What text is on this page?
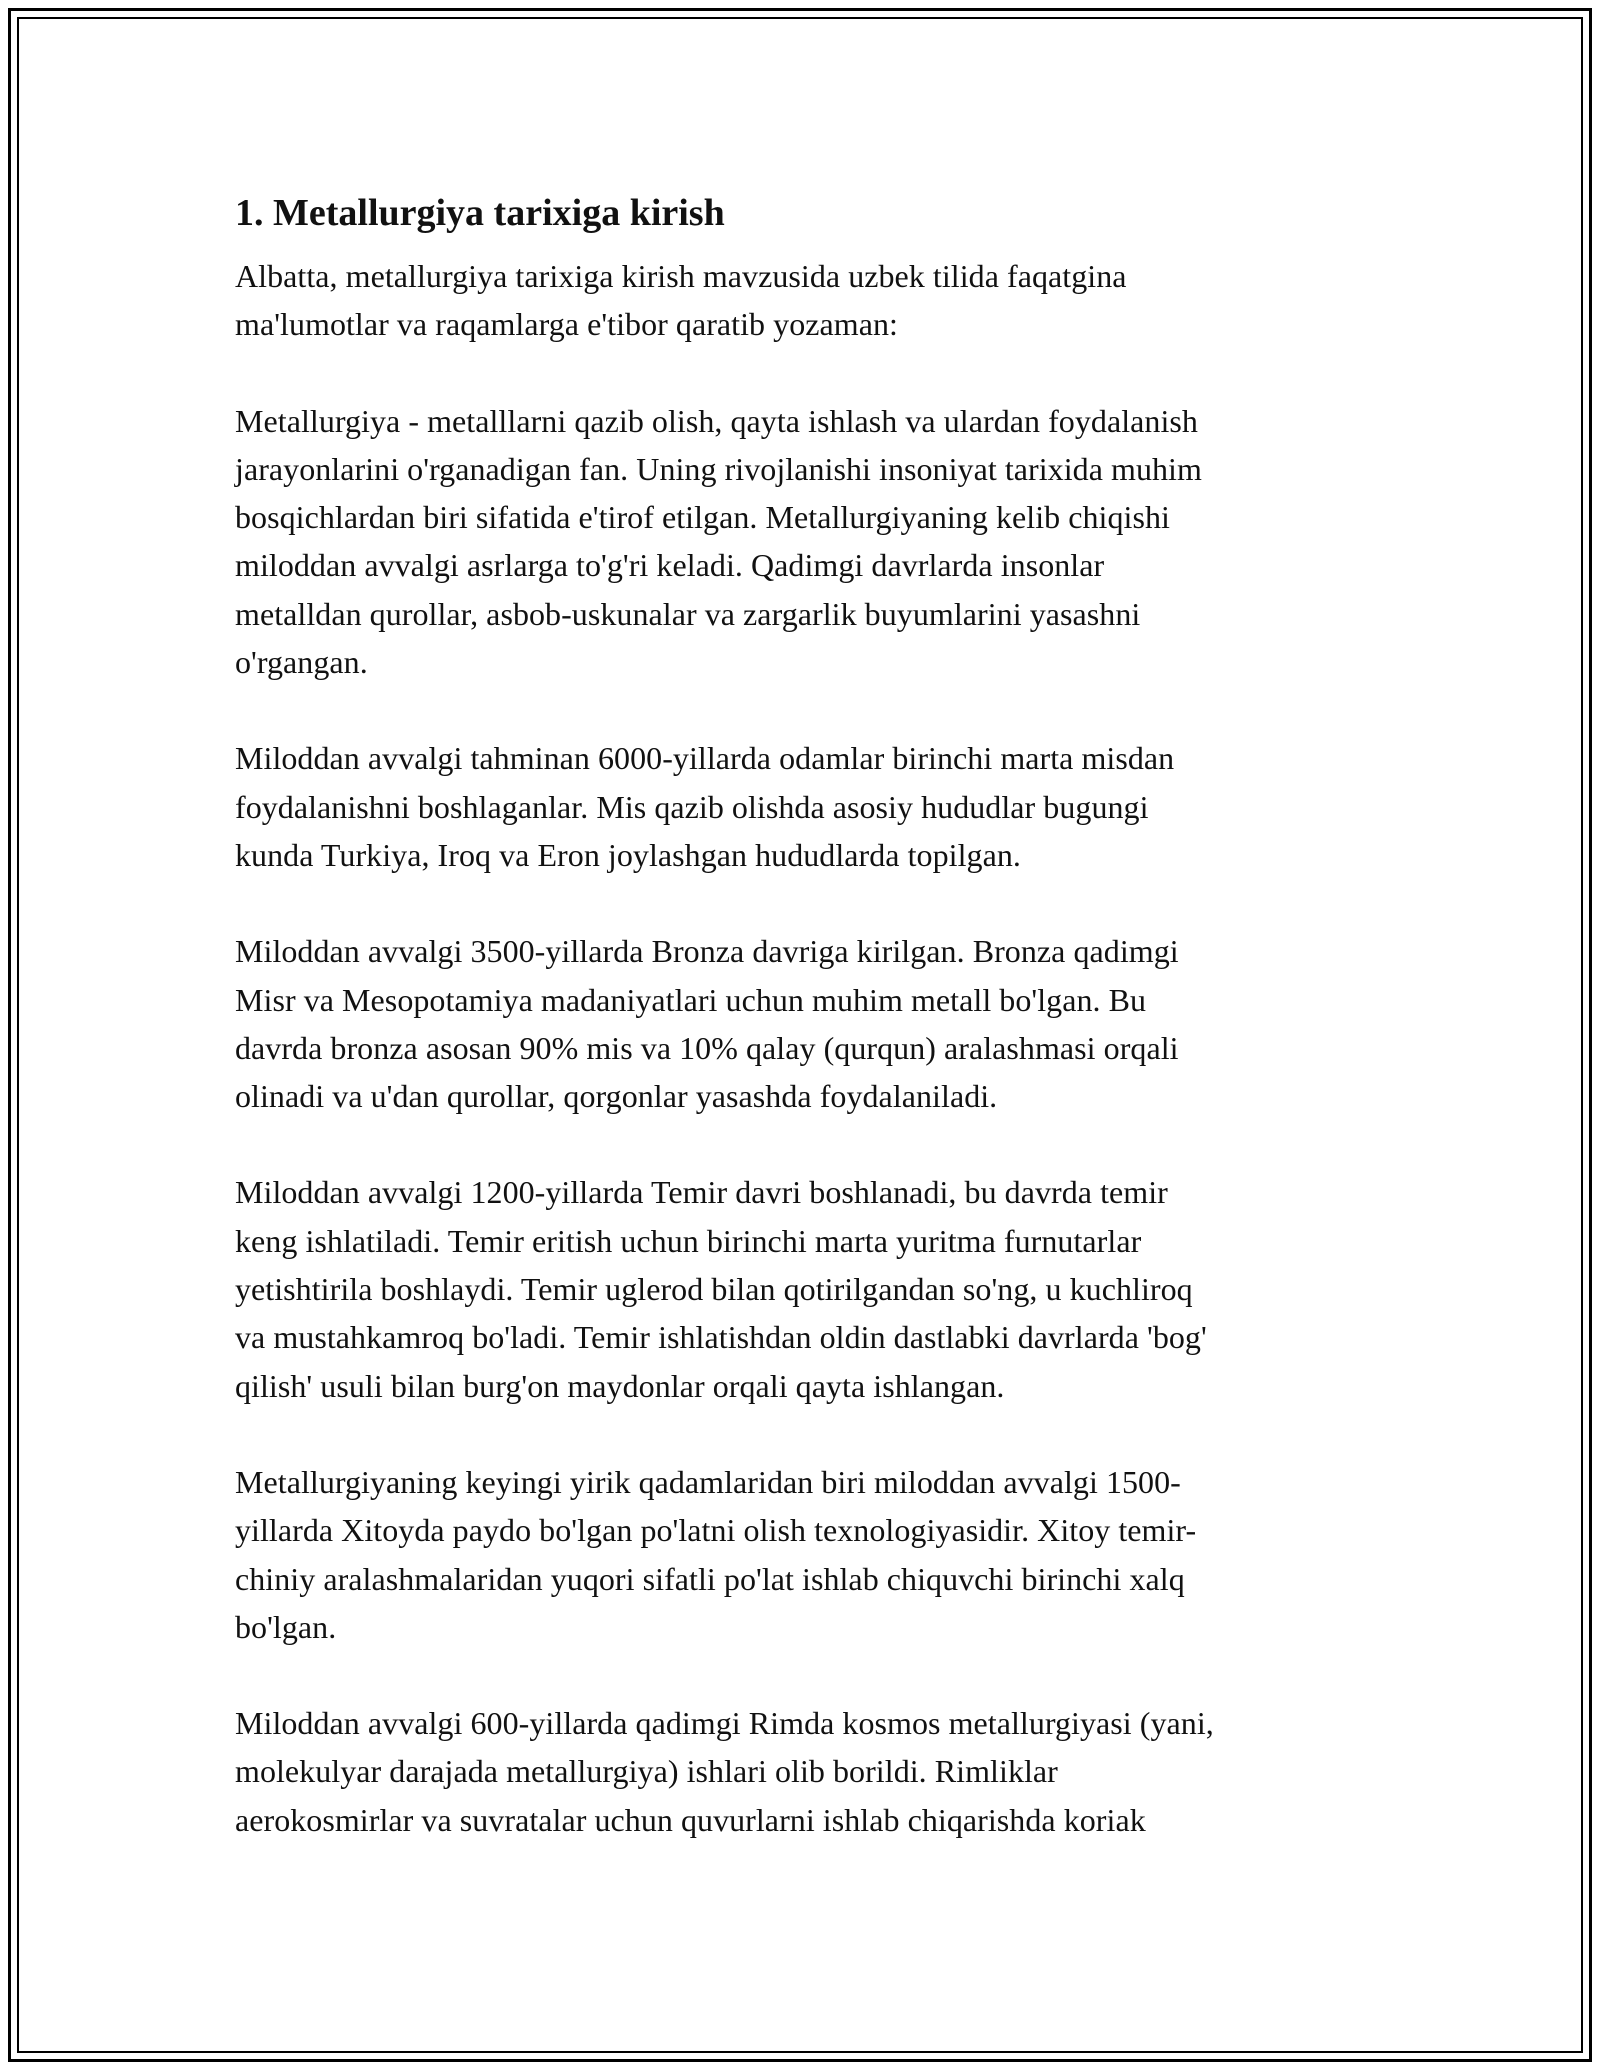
1. Metallurgiya tarixiga kirish

Albatta, metallurgiya tarixiga kirish mavzusida uzbek tilida faqatgina
ma'lumotlar va raqamlarga e'tibor qaratib yozaman:

Metallurgiya - metalllarni qazib olish, qayta ishlash va ulardan foydalanish
jarayonlarini o'rganadigan fan. Uning rivojlanishi insoniyat tarixida muhim
bosqichlardan biri sifatida e'tirof etilgan. Metallurgiyaning kelib chiqishi
miloddan avvalgi asrlarga to'g'ri keladi. Qadimgi davrlarda insonlar
metalldan qurollar, asbob-uskunalar va zargarlik buyumlarini yasashni
o'rgangan.

Miloddan avvalgi tahminan 6000-yillarda odamlar birinchi marta misdan
foydalanishni boshlaganlar. Mis qazib olishda asosiy hududlar bugungi
kunda Turkiya, Iroq va Eron joylashgan hududlarda topilgan.

Miloddan avvalgi 3500-yillarda Bronza davriga kirilgan. Bronza qadimgi
Misr va Mesopotamiya madaniyatlari uchun muhim metall bo'lgan. Bu
davrda bronza asosan 90% mis va 10% qalay (qurqun) aralashmasi orqali
olinadi va u'dan qurollar, qorgonlar yasashda foydalaniladi.

Miloddan avvalgi 1200-yillarda Temir davri boshlanadi, bu davrda temir
keng ishlatiladi. Temir eritish uchun birinchi marta yuritma furnutarlar
yetishtirila boshlaydi. Temir uglerod bilan qotirilgandan so'ng, u kuchliroq
va mustahkamroq bo'ladi. Temir ishlatishdan oldin dastlabki davrlarda 'bog'
qilish' usuli bilan burg'on maydonlar orqali qayta ishlangan.

Metallurgiyaning keyingi yirik qadamlaridan biri miloddan avvalgi 1500-
yillarda Xitoyda paydo bo'lgan po'latni olish texnologiyasidir. Xitoy temir-
chiniy aralashmalaridan yuqori sifatli po'lat ishlab chiquvchi birinchi xalq
bo'lgan.

Miloddan avvalgi 600-yillarda qadimgi Rimda kosmos metallurgiyasi (yani,
molekulyar darajada metallurgiya) ishlari olib borildi. Rimliklar
aerokosmirlar va suvratalar uchun quvurlarni ishlab chiqarishda koriak
